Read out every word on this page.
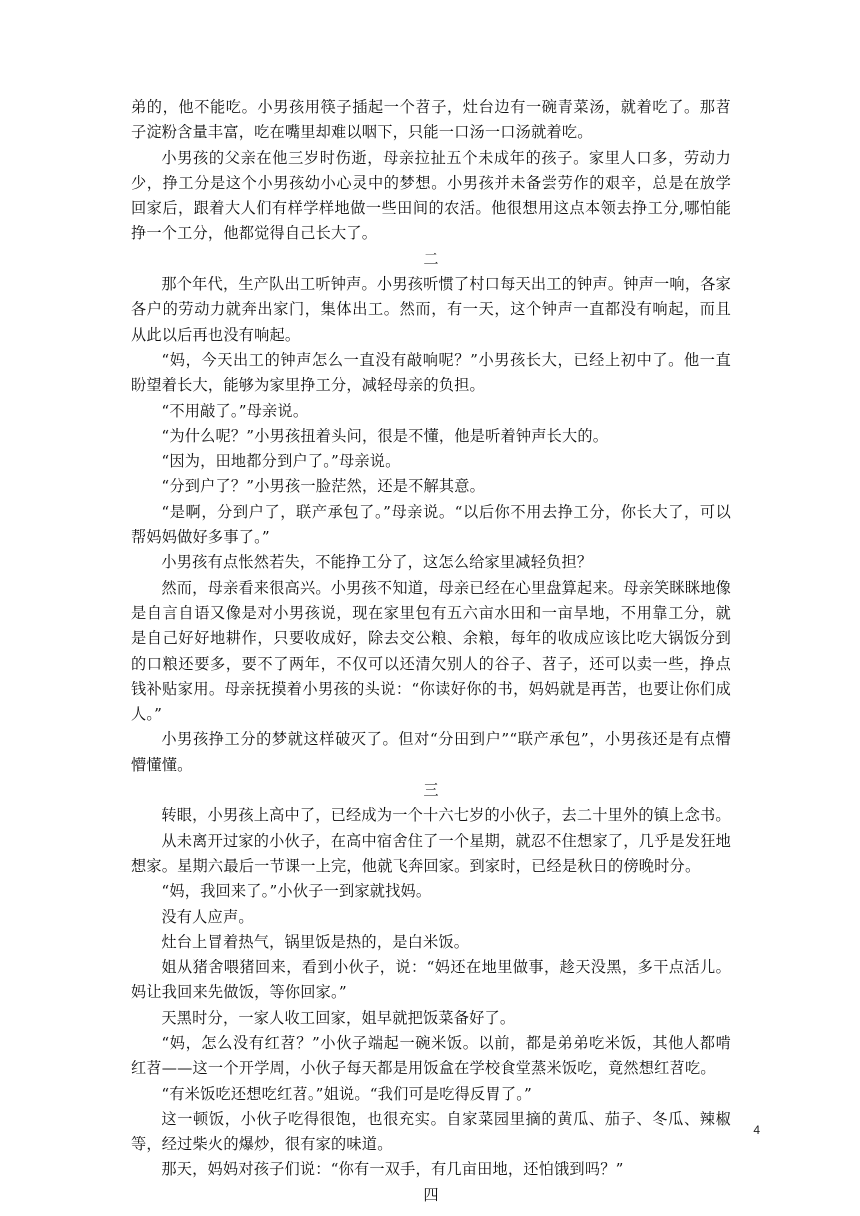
弟的，他不能吃。小男孩用筷子插起一个苕子，灶台边有一碗青菜汤，就着吃了。那苕子淀粉含量丰富，吃在嘴里却难以咽下，只能一口汤一口汤就着吃。

小男孩的父亲在他三岁时伤逝，母亲拉扯五个未成年的孩子。家里人口多，劳动力少，挣工分是这个小男孩幼小心灵中的梦想。小男孩并未备尝劳作的艰辛，总是在放学回家后，跟着大人们有样学样地做一些田间的农活。他很想用这点本领去挣工分,哪怕能挣一个工分，他都觉得自己长大了。

二

那个年代，生产队出工听钟声。小男孩听惯了村口每天出工的钟声。钟声一响，各家各户的劳动力就奔出家门，集体出工。然而，有一天，这个钟声一直都没有响起，而且从此以后再也没有响起。

“妈，今天出工的钟声怎么一直没有敲响呢？”小男孩长大，已经上初中了。他一直盼望着长大，能够为家里挣工分，减轻母亲的负担。

“不用敲了。”母亲说。

“为什么呢？”小男孩扭着头问，很是不懂，他是听着钟声长大的。

“因为，田地都分到户了。”母亲说。

“分到户了？”小男孩一脸茫然，还是不解其意。

“是啊，分到户了，联产承包了。”母亲说。“以后你不用去挣工分，你长大了，可以帮妈妈做好多事了。”

小男孩有点怅然若失，不能挣工分了，这怎么给家里减轻负担？

然而，母亲看来很高兴。小男孩不知道，母亲已经在心里盘算起来。母亲笑眯眯地像是自言自语又像是对小男孩说，现在家里包有五六亩水田和一亩旱地，不用靠工分，就是自己好好地耕作，只要收成好，除去交公粮、余粮，每年的收成应该比吃大锅饭分到的口粮还要多，要不了两年，不仅可以还清欠别人的谷子、苕子，还可以卖一些，挣点钱补贴家用。母亲抚摸着小男孩的头说：“你读好你的书，妈妈就是再苦，也要让你们成人。”

小男孩挣工分的梦就这样破灭了。但对“分田到户”“联产承包”，小男孩还是有点懵懵懂懂。

三

转眼，小男孩上高中了，已经成为一个十六七岁的小伙子，去二十里外的镇上念书。

从未离开过家的小伙子，在高中宿舍住了一个星期，就忍不住想家了，几乎是发狂地想家。星期六最后一节课一上完，他就飞奔回家。到家时，已经是秋日的傍晚时分。

“妈，我回来了。”小伙子一到家就找妈。

没有人应声。

灶台上冒着热气，锅里饭是热的，是白米饭。

姐从猪舍喂猪回来，看到小伙子，说：“妈还在地里做事，趁天没黑，多干点活儿。妈让我回来先做饭，等你回家。”

天黑时分，一家人收工回家，姐早就把饭菜备好了。

“妈，怎么没有红苕？”小伙子端起一碗米饭。以前，都是弟弟吃米饭，其他人都啃红苕——这一个开学周，小伙子每天都是用饭盒在学校食堂蒸米饭吃，竟然想红苕吃。

“有米饭吃还想吃红苕。”姐说。“我们可是吃得反胃了。”

这一顿饭，小伙子吃得很饱，也很充实。自家菜园里摘的黄瓜、茄子、冬瓜、辣椒等，经过柴火的爆炒，很有家的味道。

那天，妈妈对孩子们说：“你有一双手，有几亩田地，还怕饿到吗？”

四

4
